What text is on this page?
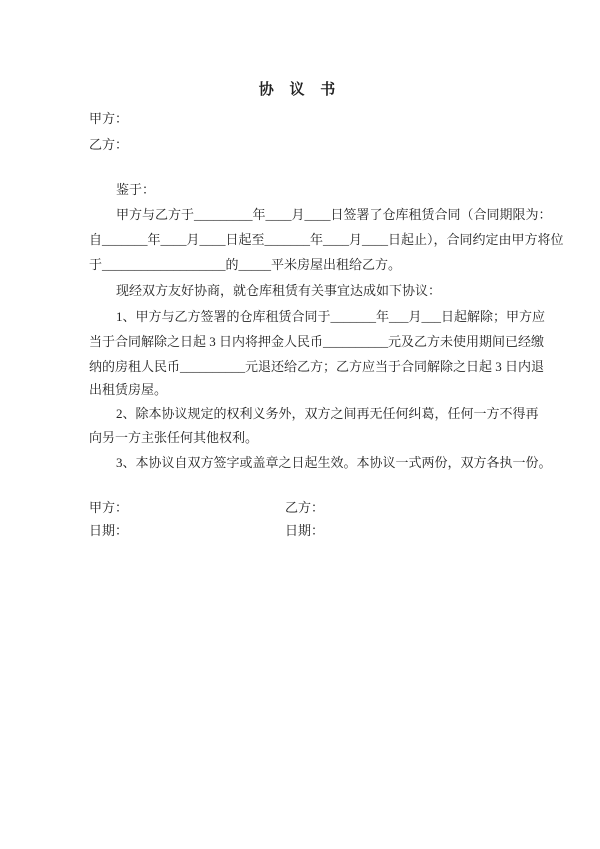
协 议 书
甲方：
乙方：
鉴于：
甲方与乙方于_________年____月____日签署了仓库租赁合同（合同期限为：
自_______年____月____日起至_______年____月____日起止），合同约定由甲方将位
于___________________的_____平米房屋出租给乙方。
现经双方友好协商，就仓库租赁有关事宜达成如下协议：
1、甲方与乙方签署的仓库租赁合同于_______年___月___日起解除；甲方应
当于合同解除之日起 3 日内将押金人民币__________元及乙方未使用期间已经缴
纳的房租人民币__________元退还给乙方；乙方应当于合同解除之日起 3 日内退
出租赁房屋。
2、除本协议规定的权利义务外，双方之间再无任何纠葛，任何一方不得再
向另一方主张任何其他权利。
3、本协议自双方签字或盖章之日起生效。本协议一式两份，双方各执一份。
甲方：	乙方：
日期：	日期：
